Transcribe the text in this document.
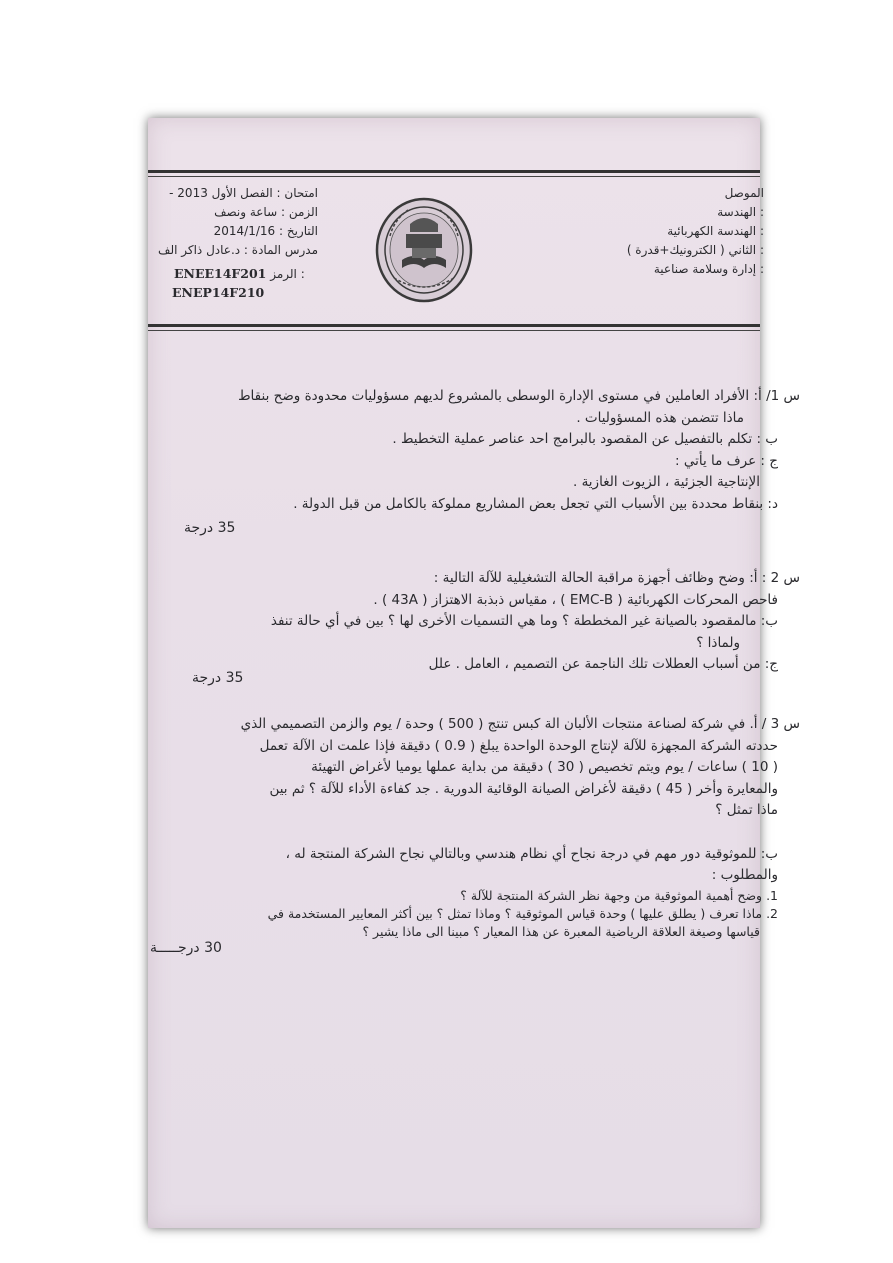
الموصل
: الهندسة
: الهندسة الكهربائية
: الثاني ( الكترونيك+قدرة )
: إدارة وسلامة صناعية
امتحان : الفصل الأول 2013 -
الزمن : ساعة ونصف
التاريخ : 2014/1/16
مدرس المادة : د.عادل ذاكر الف
ENEE14F201 الرمز :
ENEP14F210

س 1/ أ: الأفراد العاملين في مستوى الإدارة الوسطى بالمشروع لديهم مسؤوليات محدودة وضح بنقاط

ماذا تتضمن هذه المسؤوليات .

ب : تكلم بالتفصيل عن المقصود بالبرامج احد عناصر عملية التخطيط .

ج : عرف ما يأتي :

الإنتاجية الجزئية ، الزيوت الغازية .

د: بنقاط محددة بين الأسباب التي تجعل بعض المشاريع مملوكة بالكامل من قبل الدولة .

35 درجة

س 2 : أ: وضح وظائف أجهزة مراقبة الحالة التشغيلية للآلة التالية :

فاحص المحركات الكهربائية ( EMC-B ) ، مقياس ذبذبة الاهتزاز ( 43A ) .

ب: مالمقصود بالصيانة غير المخططة ؟ وما هي التسميات الأخرى لها ؟ بين في أي حالة تنفذ

ولماذا ؟

ج: من أسباب العطلات تلك الناجمة عن التصميم ، العامل . علل

35 درجة

س 3 / أ. في شركة لصناعة منتجات الألبان الة كبس تنتج ( 500 ) وحدة / يوم والزمن التصميمي الذي

حددته الشركة المجهزة للآلة لإنتاج الوحدة الواحدة يبلغ ( 0.9 ) دقيقة فإذا علمت ان الآلة تعمل

( 10 ) ساعات / يوم ويتم تخصيص ( 30 ) دقيقة من بداية عملها يوميا لأغراض التهيئة

والمعايرة وأخر ( 45 ) دقيقة لأغراض الصيانة الوقائية الدورية . جد كفاءة الأداء للآلة ؟ ثم بين

ماذا تمثل ؟

ب: للموثوقية دور مهم في درجة نجاح أي نظام هندسي وبالتالي نجاح الشركة المنتجة له ،

والمطلوب :

1. وضح أهمية الموثوقية من وجهة نظر الشركة المنتجة للآلة ؟

2. ماذا تعرف ( يطلق عليها ) وحدة قياس الموثوقية ؟ وماذا تمثل ؟ بين أكثر المعايير المستخدمة في

قياسها وصيغة العلاقة الرياضية المعبرة عن هذا المعيار ؟ مبينا الى ماذا يشير ؟

30 درجـــــة
